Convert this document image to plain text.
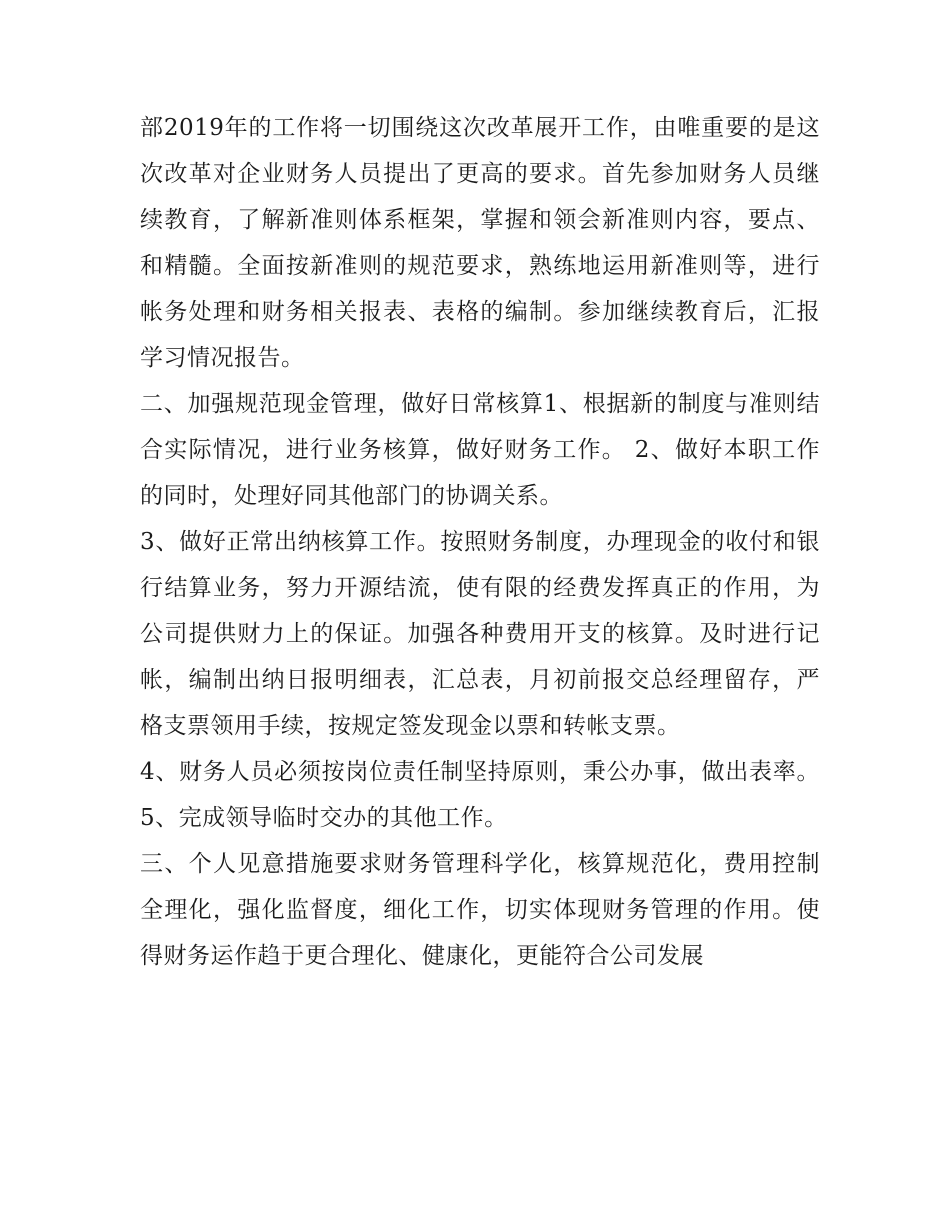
部2019年的工作将一切围绕这次改革展开工作，由唯重要的是这次改革对企业财务人员提出了更高的要求。首先参加财务人员继续教育，了解新准则体系框架，掌握和领会新准则内容，要点、和精髓。全面按新准则的规范要求，熟练地运用新准则等，进行帐务处理和财务相关报表、表格的编制。参加继续教育后，汇报学习情况报告。

二、加强规范现金管理，做好日常核算1、根据新的制度与准则结合实际情况，进行业务核算，做好财务工作。 2、做好本职工作的同时，处理好同其他部门的协调关系。

3、做好正常出纳核算工作。按照财务制度，办理现金的收付和银行结算业务，努力开源结流，使有限的经费发挥真正的作用，为公司提供财力上的保证。加强各种费用开支的核算。及时进行记帐，编制出纳日报明细表，汇总表，月初前报交总经理留存，严格支票领用手续，按规定签发现金以票和转帐支票。

4、财务人员必须按岗位责任制坚持原则，秉公办事，做出表率。 5、完成领导临时交办的其他工作。

三、个人见意措施要求财务管理科学化，核算规范化，费用控制全理化，强化监督度，细化工作，切实体现财务管理的作用。使得财务运作趋于更合理化、健康化，更能符合公司发展
